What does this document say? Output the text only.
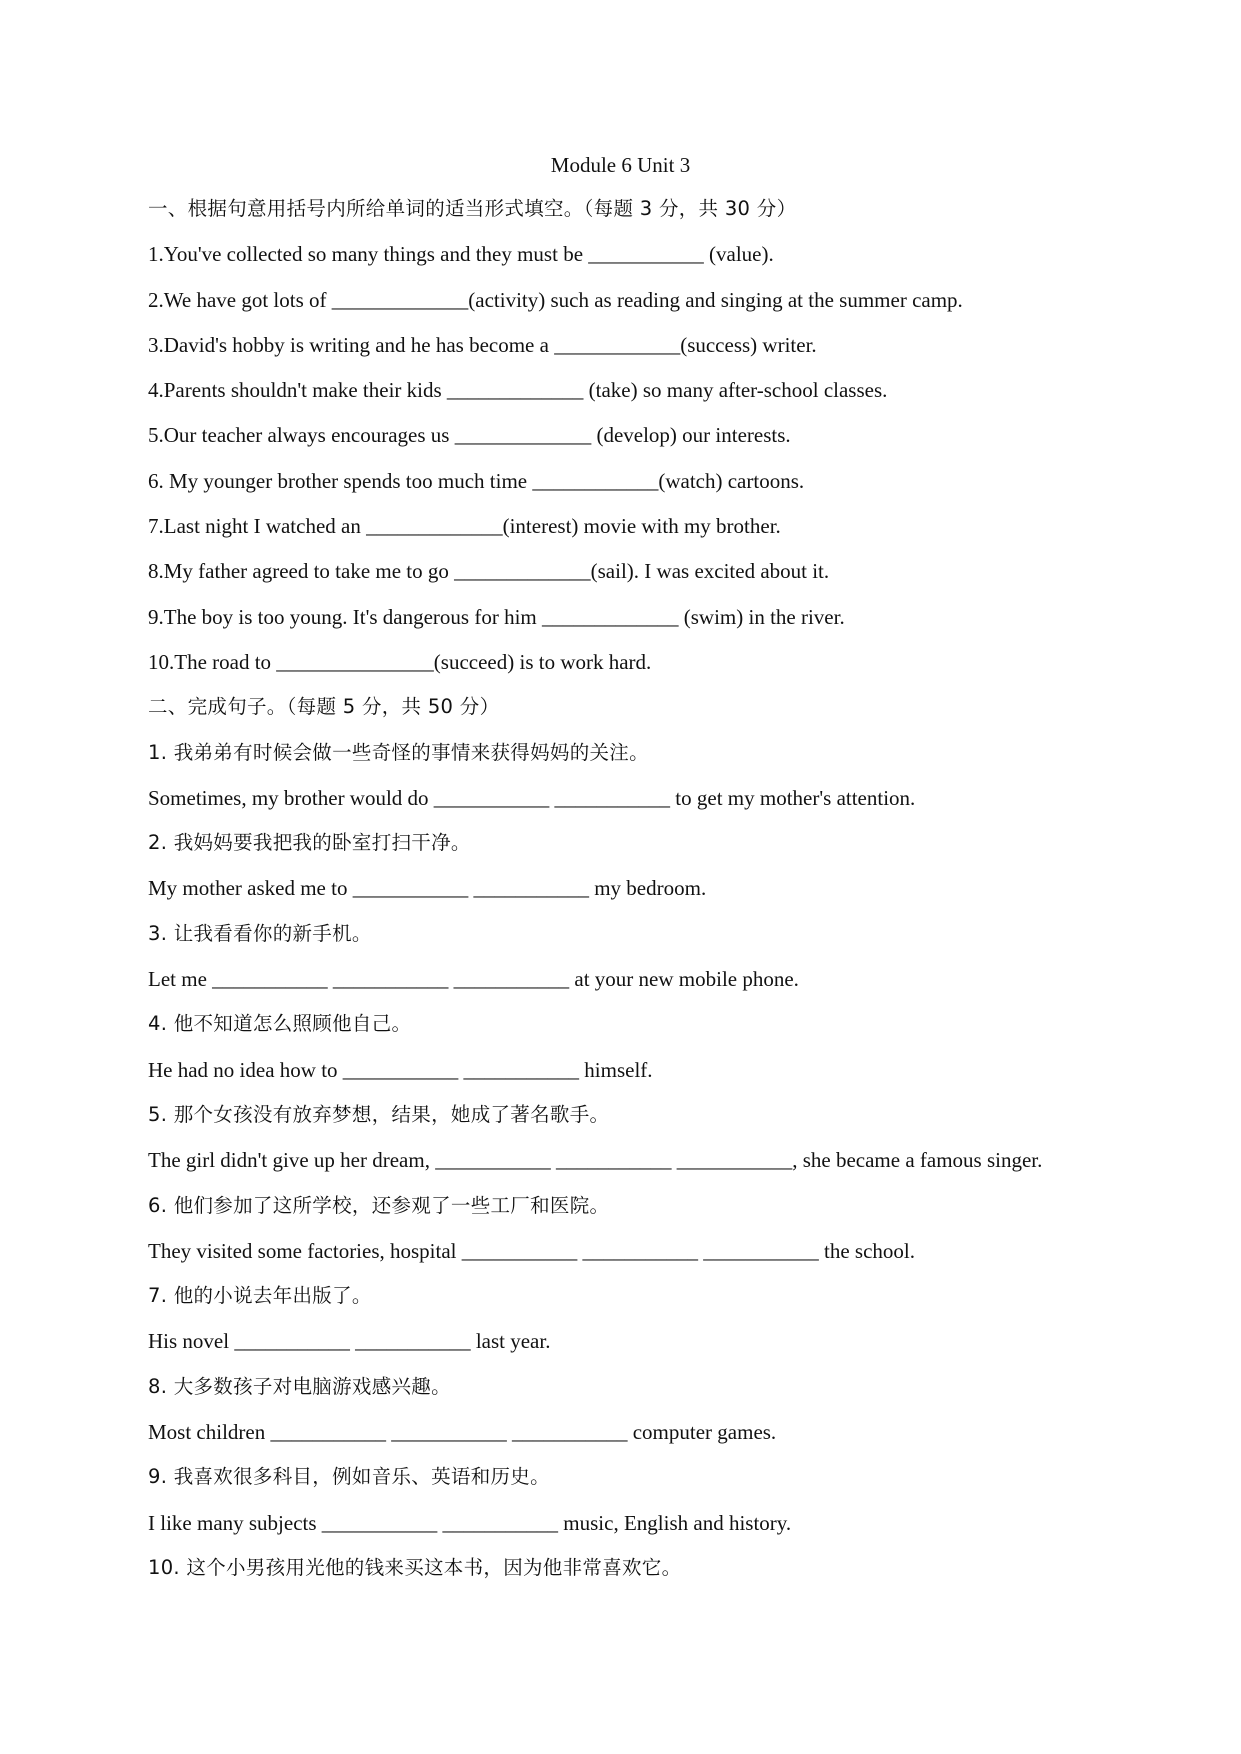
Module 6 Unit 3
一、根据句意用括号内所给单词的适当形式填空。（每题 3 分，共 30 分）
1.You've collected so many things and they must be ___________ (value).
2.We have got lots of _____________(activity) such as reading and singing at the summer camp.
3.David's hobby is writing and he has become a ____________(success) writer.
4.Parents shouldn't make their kids _____________ (take) so many after-school classes.
5.Our teacher always encourages us _____________ (develop) our interests.
6. My younger brother spends too much time ____________(watch) cartoons.
7.Last night I watched an _____________(interest) movie with my brother.
8.My father agreed to take me to go _____________(sail). I was excited about it.
9.The boy is too young. It's dangerous for him _____________ (swim) in the river.
10.The road to _______________(succeed) is to work hard.
二、完成句子。（每题 5 分，共 50 分）
1. 我弟弟有时候会做一些奇怪的事情来获得妈妈的关注。
Sometimes, my brother would do ___________ ___________ to get my mother's attention.
2. 我妈妈要我把我的卧室打扫干净。
My mother asked me to ___________ ___________ my bedroom.
3. 让我看看你的新手机。
Let me ___________ ___________ ___________ at your new mobile phone.
4. 他不知道怎么照顾他自己。
He had no idea how to ___________ ___________ himself.
5. 那个女孩没有放弃梦想，结果，她成了著名歌手。
The girl didn't give up her dream, ___________ ___________ ___________, she became a famous singer.
6. 他们参加了这所学校，还参观了一些工厂和医院。
They visited some factories, hospital ___________ ___________ ___________ the school.
7. 他的小说去年出版了。
His novel ___________ ___________ last year.
8. 大多数孩子对电脑游戏感兴趣。
Most children ___________ ___________ ___________ computer games.
9. 我喜欢很多科目，例如音乐、英语和历史。
I like many subjects ___________ ___________ music, English and history.
10. 这个小男孩用光他的钱来买这本书，因为他非常喜欢它。
